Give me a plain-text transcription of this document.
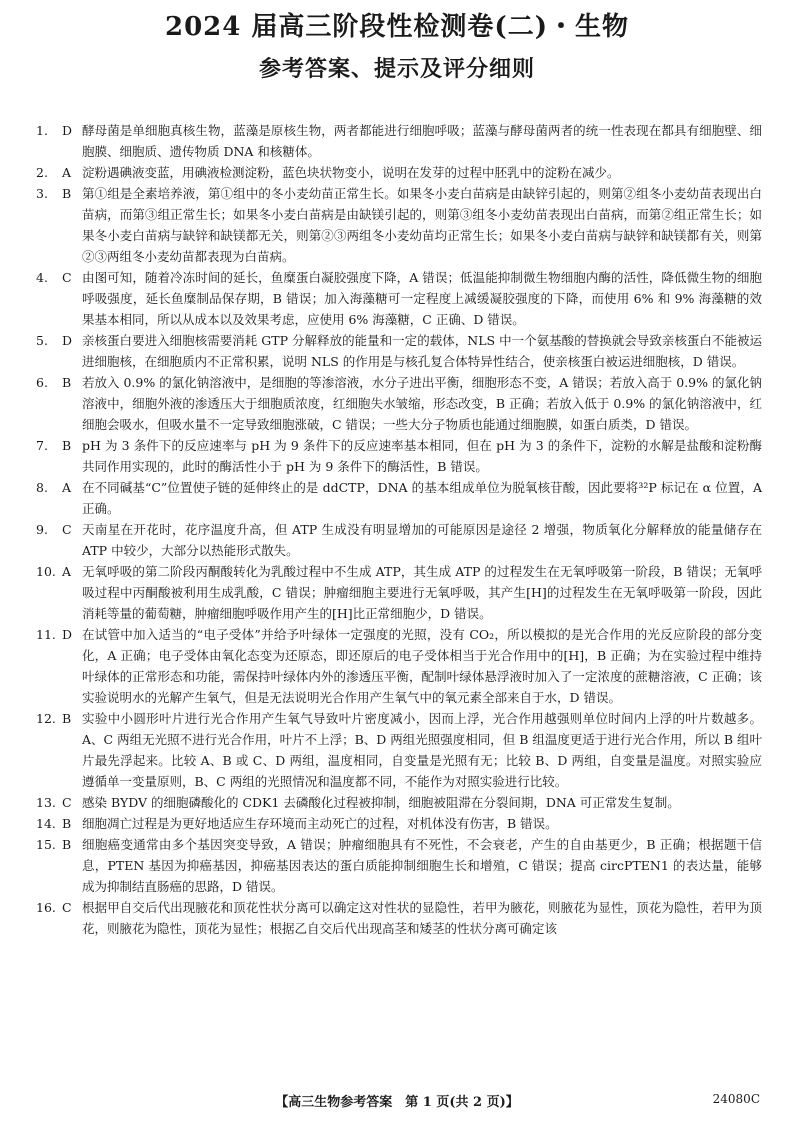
2024 届高三阶段性检测卷(二)・生物
参考答案、提示及评分细则
1.	D 酵母菌是单细胞真核生物，蓝藻是原核生物，两者都能进行细胞呼吸；蓝藻与酵母菌两者的统一性表现在都具有细胞壁、细胞膜、细胞质、遗传物质 DNA 和核糖体。
2.	A 淀粉遇碘液变蓝，用碘液检测淀粉，蓝色块状物变小，说明在发芽的过程中胚乳中的淀粉在减少。
3.	B 第①组是全素培养液，第①组中的冬小麦幼苗正常生长。如果冬小麦白苗病是由缺锌引起的，则第②组冬小麦幼苗表现出白苗病，而第③组正常生长；如果冬小麦白苗病是由缺镁引起的，则第③组冬小麦幼苗表现出白苗病，而第②组正常生长；如果冬小麦白苗病与缺锌和缺镁都无关，则第②③两组冬小麦幼苗均正常生长；如果冬小麦白苗病与缺锌和缺镁都有关，则第②③两组冬小麦幼苗都表现为白苗病。
4.	C 由图可知，随着冷冻时间的延长，鱼糜蛋白凝胶强度下降，A 错误；低温能抑制微生物细胞内酶的活性，降低微生物的细胞呼吸强度，延长鱼糜制品保存期，B 错误；加入海藻糖可一定程度上减缓凝胶强度的下降，而使用 6% 和 9% 海藻糖的效果基本相同，所以从成本以及效果考虑，应使用 6% 海藻糖，C 正确、D 错误。
5.	D 亲核蛋白要进入细胞核需要消耗 GTP 分解释放的能量和一定的载体，NLS 中一个氨基酸的替换就会导致亲核蛋白不能被运进细胞核，在细胞质内不正常积累，说明 NLS 的作用是与核孔复合体特异性结合，使亲核蛋白被运进细胞核，D 错误。
6.	B 若放入 0.9% 的氯化钠溶液中，是细胞的等渗溶液，水分子进出平衡，细胞形态不变，A 错误；若放入高于 0.9% 的氯化钠溶液中，细胞外液的渗透压大于细胞质浓度，红细胞失水皱缩，形态改变，B 正确；若放入低于 0.9% 的氯化钠溶液中，红细胞会吸水，但吸水量不一定导致细胞涨破，C 错误；一些大分子物质也能通过细胞膜，如蛋白质类，D 错误。
7.	B pH 为 3 条件下的反应速率与 pH 为 9 条件下的反应速率基本相同，但在 pH 为 3 的条件下，淀粉的水解是盐酸和淀粉酶共同作用实现的，此时的酶活性小于 pH 为 9 条件下的酶活性，B 错误。
8.	A 在不同碱基“C”位置使子链的延伸终止的是 ddCTP，DNA 的基本组成单位为脱氧核苷酸，因此要将³²P 标记在 α 位置，A 正确。
9.	C 天南星在开花时，花序温度升高，但 ATP 生成没有明显增加的可能原因是途径 2 增强，物质氧化分解释放的能量储存在 ATP 中较少，大部分以热能形式散失。
10. A 无氧呼吸的第二阶段丙酮酸转化为乳酸过程中不生成 ATP，其生成 ATP 的过程发生在无氧呼吸第一阶段，B 错误；无氧呼吸过程中丙酮酸被利用生成乳酸，C 错误；肿瘤细胞主要进行无氧呼吸，其产生[H]的过程发生在无氧呼吸第一阶段，因此消耗等量的葡萄糖，肿瘤细胞呼吸作用产生的[H]比正常细胞少，D 错误。
11. D 在试管中加入适当的“电子受体”并给予叶绿体一定强度的光照，没有 CO₂，所以模拟的是光合作用的光反应阶段的部分变化，A 正确；电子受体由氧化态变为还原态，即还原后的电子受体相当于光合作用中的[H]，B 正确；为在实验过程中维持叶绿体的正常形态和功能，需保持叶绿体内外的渗透压平衡，配制叶绿体悬浮液时加入了一定浓度的蔗糖溶液，C 正确；该实验说明水的光解产生氧气，但是无法说明光合作用产生氧气中的氧元素全部来自于水，D 错误。
12. B 实验中小圆形叶片进行光合作用产生氧气导致叶片密度减小，因而上浮，光合作用越强则单位时间内上浮的叶片数越多。A、C 两组无光照不进行光合作用，叶片不上浮；B、D 两组光照强度相同，但 B 组温度更适于进行光合作用，所以 B 组叶片最先浮起来。比较 A、B 或 C、D 两组，温度相同，自变量是光照有无；比较 B、D 两组，自变量是温度。对照实验应遵循单一变量原则，B、C 两组的光照情况和温度都不同，不能作为对照实验进行比较。
13. C 感染 BYDV 的细胞磷酸化的 CDK1 去磷酸化过程被抑制，细胞被阻滞在分裂间期，DNA 可正常发生复制。
14. B 细胞凋亡过程是为更好地适应生存环境而主动死亡的过程，对机体没有伤害，B 错误。
15. B 细胞癌变通常由多个基因突变导致，A 错误；肿瘤细胞具有不死性，不会衰老，产生的自由基更少，B 正确；根据题干信息，PTEN 基因为抑癌基因，抑癌基因表达的蛋白质能抑制细胞生长和增殖，C 错误；提高 circPTEN1 的表达量，能够成为抑制结直肠癌的思路，D 错误。
16. C 根据甲自交后代出现腋花和顶花性状分离可以确定这对性状的显隐性，若甲为腋花，则腋花为显性，顶花为隐性，若甲为顶花，则腋花为隐性，顶花为显性；根据乙自交后代出现高茎和矮茎的性状分离可确定该
【高三生物参考答案　第 1 页(共 2 页)】	24080C
